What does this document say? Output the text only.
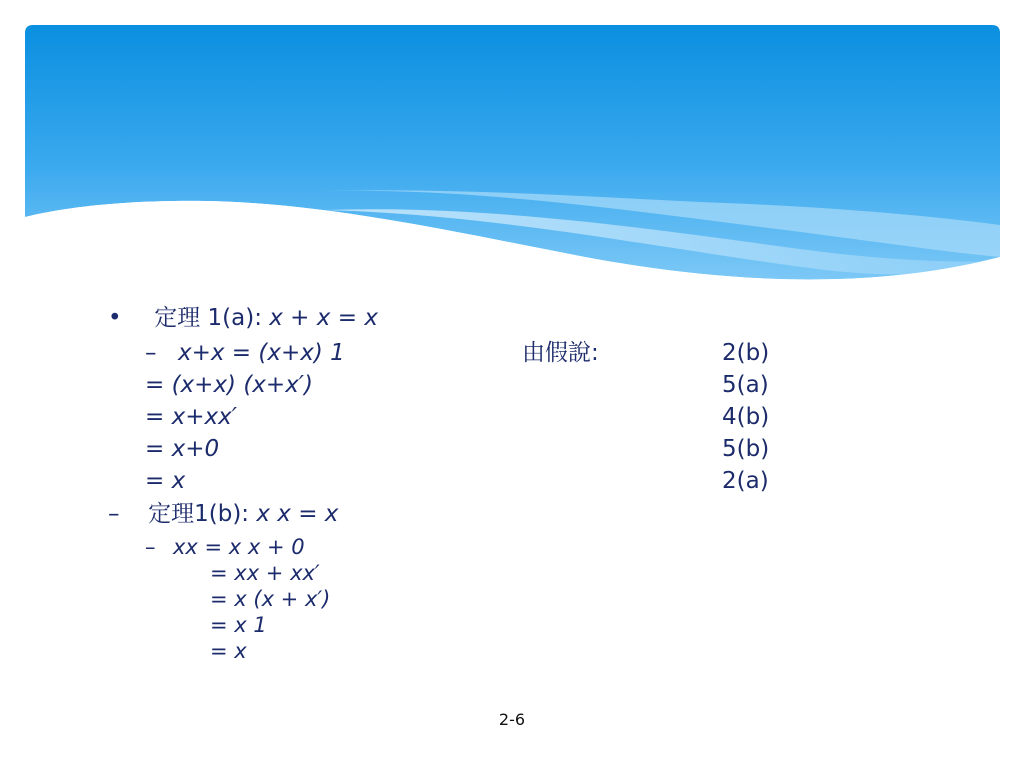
• 定理 1(a): x + x = x
– x+x = (x+x) 1	由假說:	2(b)
= (x+x) (x+x′)	5(a)
= x+xx′	4(b)
= x+0	5(b)
= x	2(a)
– 定理1(b): x x = x
– xx = x x + 0
= xx + xx′
= x (x + x′)
= x 1
= x
2-6
